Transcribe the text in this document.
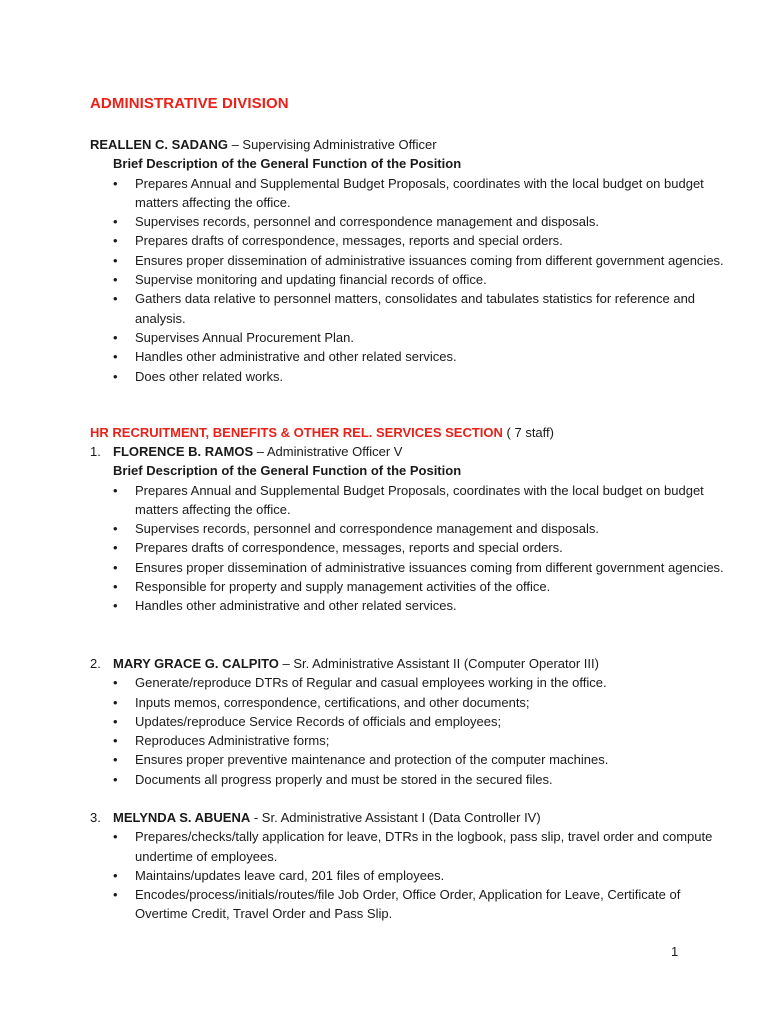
ADMINISTRATIVE DIVISION
REALLEN C. SADANG – Supervising Administrative Officer
Brief Description of the General Function of the Position
• Prepares Annual and Supplemental Budget Proposals, coordinates with the local budget on budget matters affecting the office.
• Supervises records, personnel and correspondence management and disposals.
• Prepares drafts of correspondence, messages, reports and special orders.
• Ensures proper dissemination of administrative issuances coming from different government agencies.
• Supervise monitoring and updating financial records of office.
• Gathers data relative to personnel matters, consolidates and tabulates statistics for reference and analysis.
• Supervises Annual Procurement Plan.
• Handles other administrative and other related services.
• Does other related works.
HR RECRUITMENT, BENEFITS & OTHER REL. SERVICES SECTION ( 7 staff)
1. FLORENCE B. RAMOS – Administrative Officer V
Brief Description of the General Function of the Position
• Prepares Annual and Supplemental Budget Proposals, coordinates with the local budget on budget matters affecting the office.
• Supervises records, personnel and correspondence management and disposals.
• Prepares drafts of correspondence, messages, reports and special orders.
• Ensures proper dissemination of administrative issuances coming from different government agencies.
• Responsible for property and supply management activities of the office.
• Handles other administrative and other related services.
2. MARY GRACE G. CALPITO – Sr. Administrative Assistant II (Computer Operator III)
• Generate/reproduce DTRs of Regular and casual employees working in the office.
• Inputs memos, correspondence, certifications, and other documents;
• Updates/reproduce Service Records of officials and employees;
• Reproduces Administrative forms;
• Ensures proper preventive maintenance and protection of the computer machines.
• Documents all progress properly and must be stored in the secured files.
3. MELYNDA S. ABUENA - Sr. Administrative Assistant I (Data Controller IV)
• Prepares/checks/tally application for leave, DTRs in the logbook, pass slip, travel order and compute undertime of employees.
• Maintains/updates leave card, 201 files of employees.
• Encodes/process/initials/routes/file Job Order, Office Order, Application for Leave, Certificate of Overtime Credit, Travel Order and Pass Slip.
1
